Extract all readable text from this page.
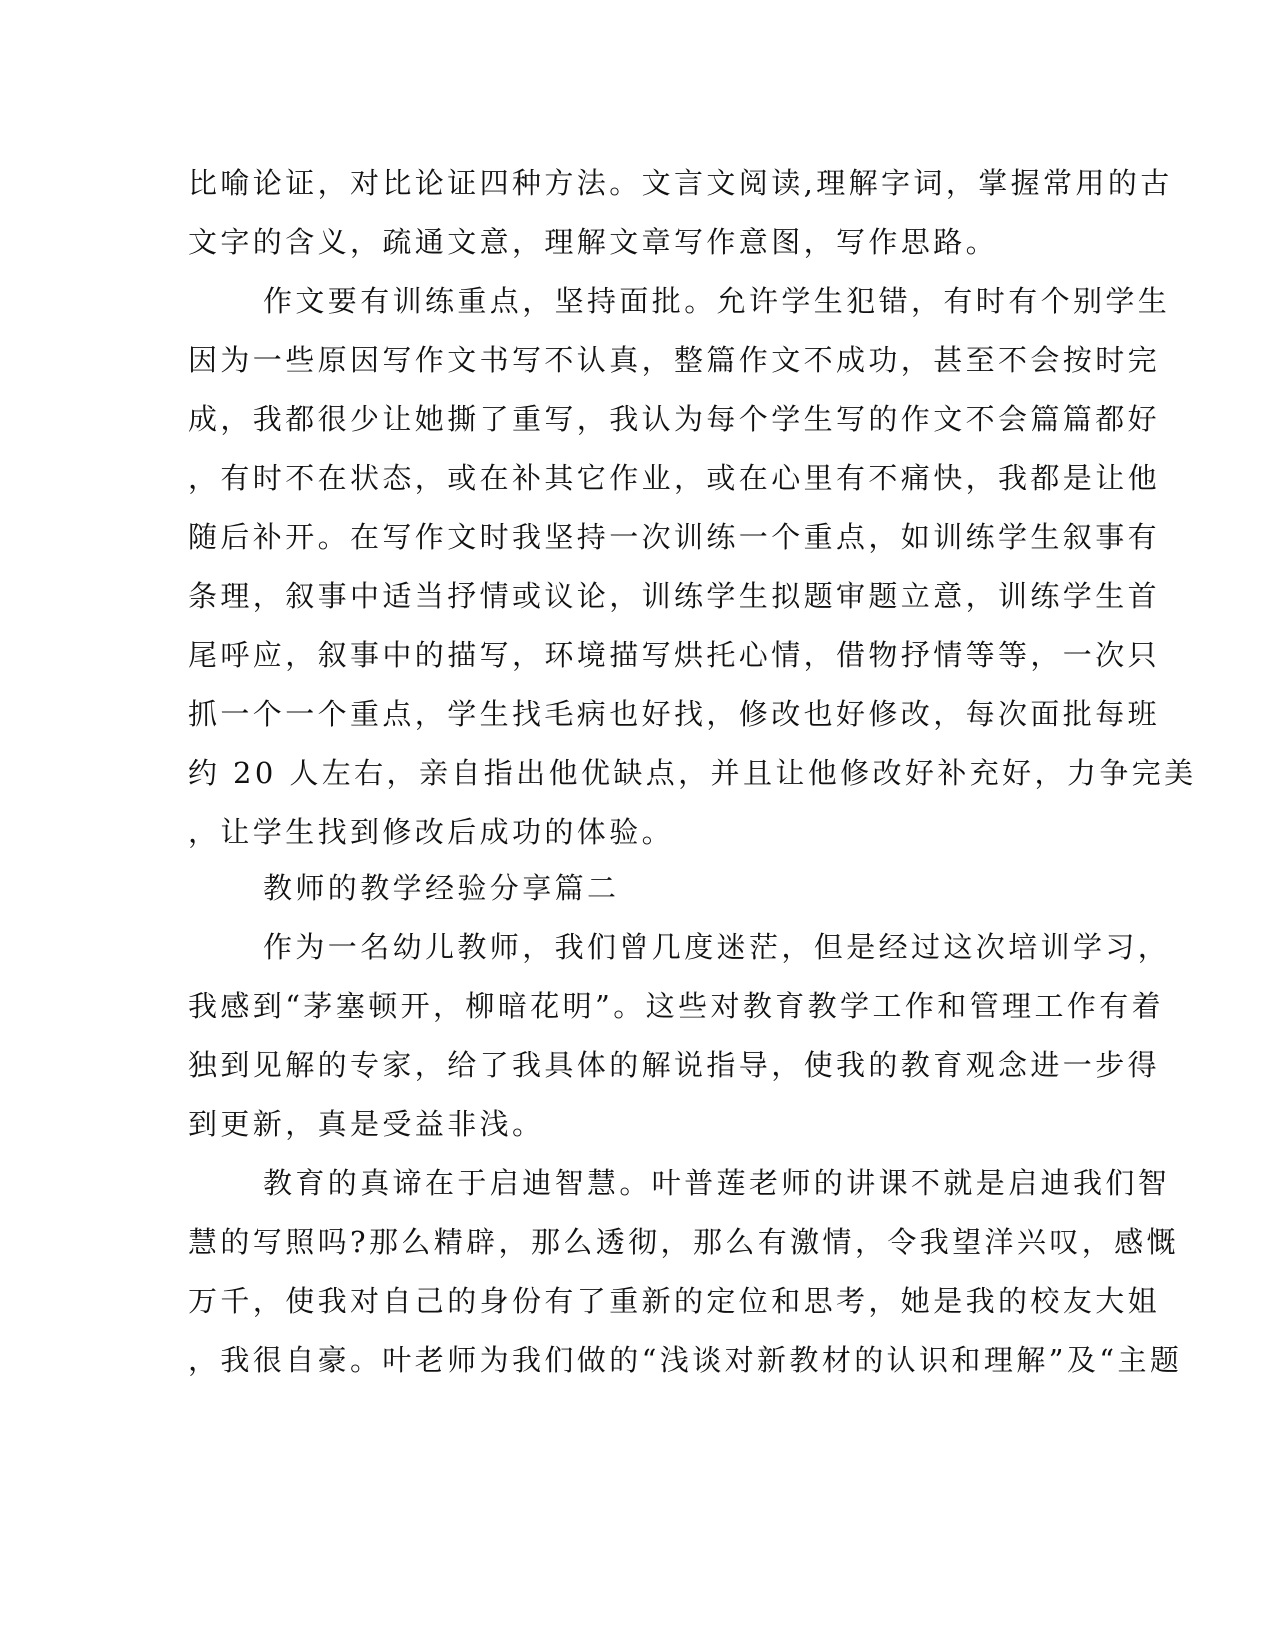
比喻论证，对比论证四种方法。文言文阅读,理解字词，掌握常用的古
文字的含义，疏通文意，理解文章写作意图，写作思路。
作文要有训练重点，坚持面批。允许学生犯错，有时有个别学生
因为一些原因写作文书写不认真，整篇作文不成功，甚至不会按时完
成，我都很少让她撕了重写，我认为每个学生写的作文不会篇篇都好
，有时不在状态，或在补其它作业，或在心里有不痛快，我都是让他
随后补开。在写作文时我坚持一次训练一个重点，如训练学生叙事有
条理，叙事中适当抒情或议论，训练学生拟题审题立意，训练学生首
尾呼应，叙事中的描写，环境描写烘托心情，借物抒情等等，一次只
抓一个一个重点，学生找毛病也好找，修改也好修改，每次面批每班
约 20 人左右，亲自指出他优缺点，并且让他修改好补充好，力争完美
，让学生找到修改后成功的体验。
教师的教学经验分享篇二
作为一名幼儿教师，我们曾几度迷茫，但是经过这次培训学习，
我感到“茅塞顿开，柳暗花明”。这些对教育教学工作和管理工作有着
独到见解的专家，给了我具体的解说指导，使我的教育观念进一步得
到更新，真是受益非浅。
教育的真谛在于启迪智慧。叶普莲老师的讲课不就是启迪我们智
慧的写照吗?那么精辟，那么透彻，那么有激情，令我望洋兴叹，感慨
万千，使我对自己的身份有了重新的定位和思考，她是我的校友大姐
，我很自豪。叶老师为我们做的“浅谈对新教材的认识和理解”及“主题
